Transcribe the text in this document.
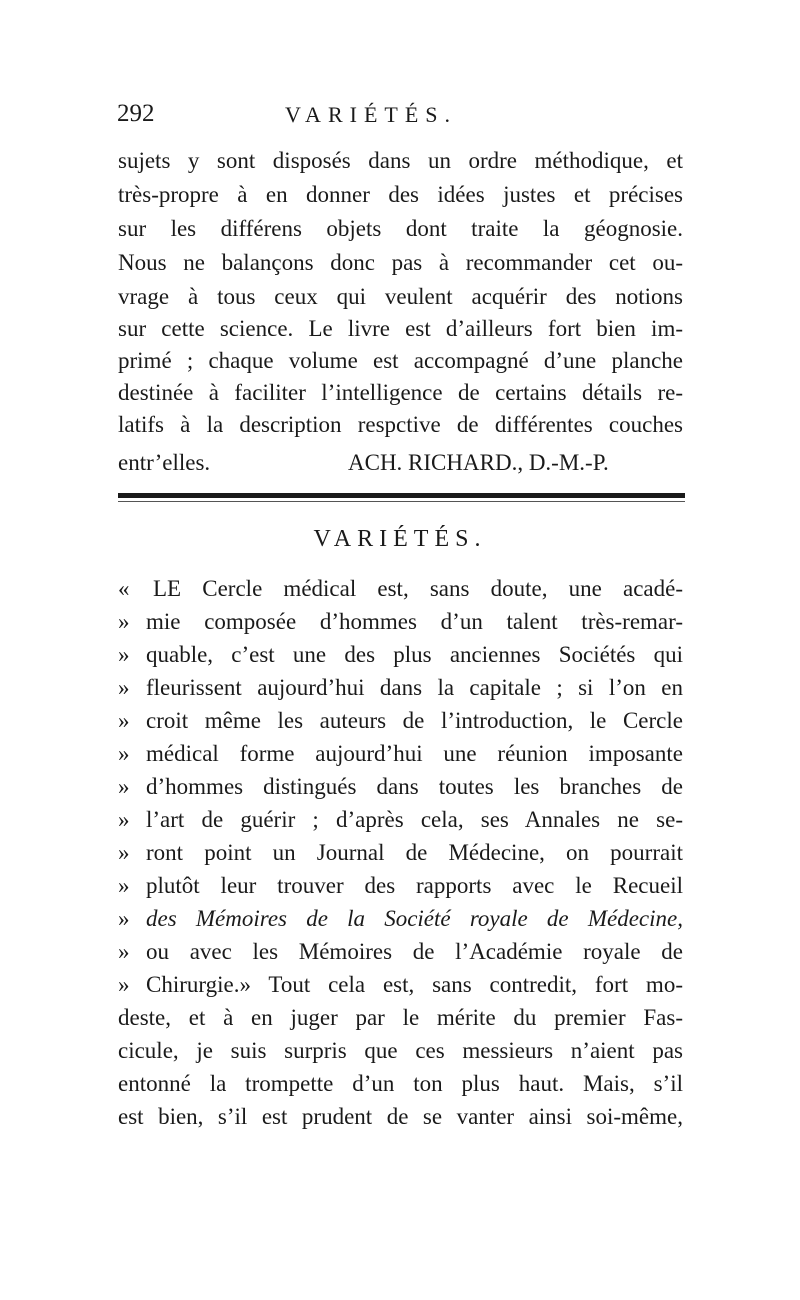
292	VARIÉTÉS.
sujets y sont disposés dans un ordre méthodique, et
très-propre à en donner des idées justes et précises
sur les différens objets dont traite la géognosie.
Nous ne balançons donc pas à recommander cet ou-
vrage à tous ceux qui veulent acquérir des notions
sur cette science. Le livre est d’ailleurs fort bien im-
primé ; chaque volume est accompagné d’une planche
destinée à faciliter l’intelligence de certains détails re-
latifs à la description respctive de différentes couches
entr’elles.	ACH. RICHARD., D.-M.-P.
VARIÉTÉS.
«	LE Cercle médical est, sans doute, une acadé-
» mie composée d’hommes d’un talent très-remar-
» quable, c’est une des plus anciennes Sociétés qui
» fleurissent aujourd’hui dans la capitale ; si l’on en
» croit même les auteurs de l’introduction, le Cercle
» médical forme aujourd’hui une réunion imposante
» d’hommes distingués dans toutes les branches de
» l’art de guérir ; d’après cela, ses Annales ne se-
» ront point un Journal de Médecine, on pourrait
» plutôt leur trouver des rapports avec le Recueil
» des Mémoires de la Société royale de Médecine,
» ou avec les Mémoires de l’Académie royale de
» Chirurgie.» Tout cela est, sans contredit, fort mo-
deste, et à en juger par le mérite du premier Fas-
cicule, je suis surpris que ces messieurs n’aient pas
entonné la trompette d’un ton plus haut. Mais, s’il
est bien, s’il est prudent de se vanter ainsi soi-même,
